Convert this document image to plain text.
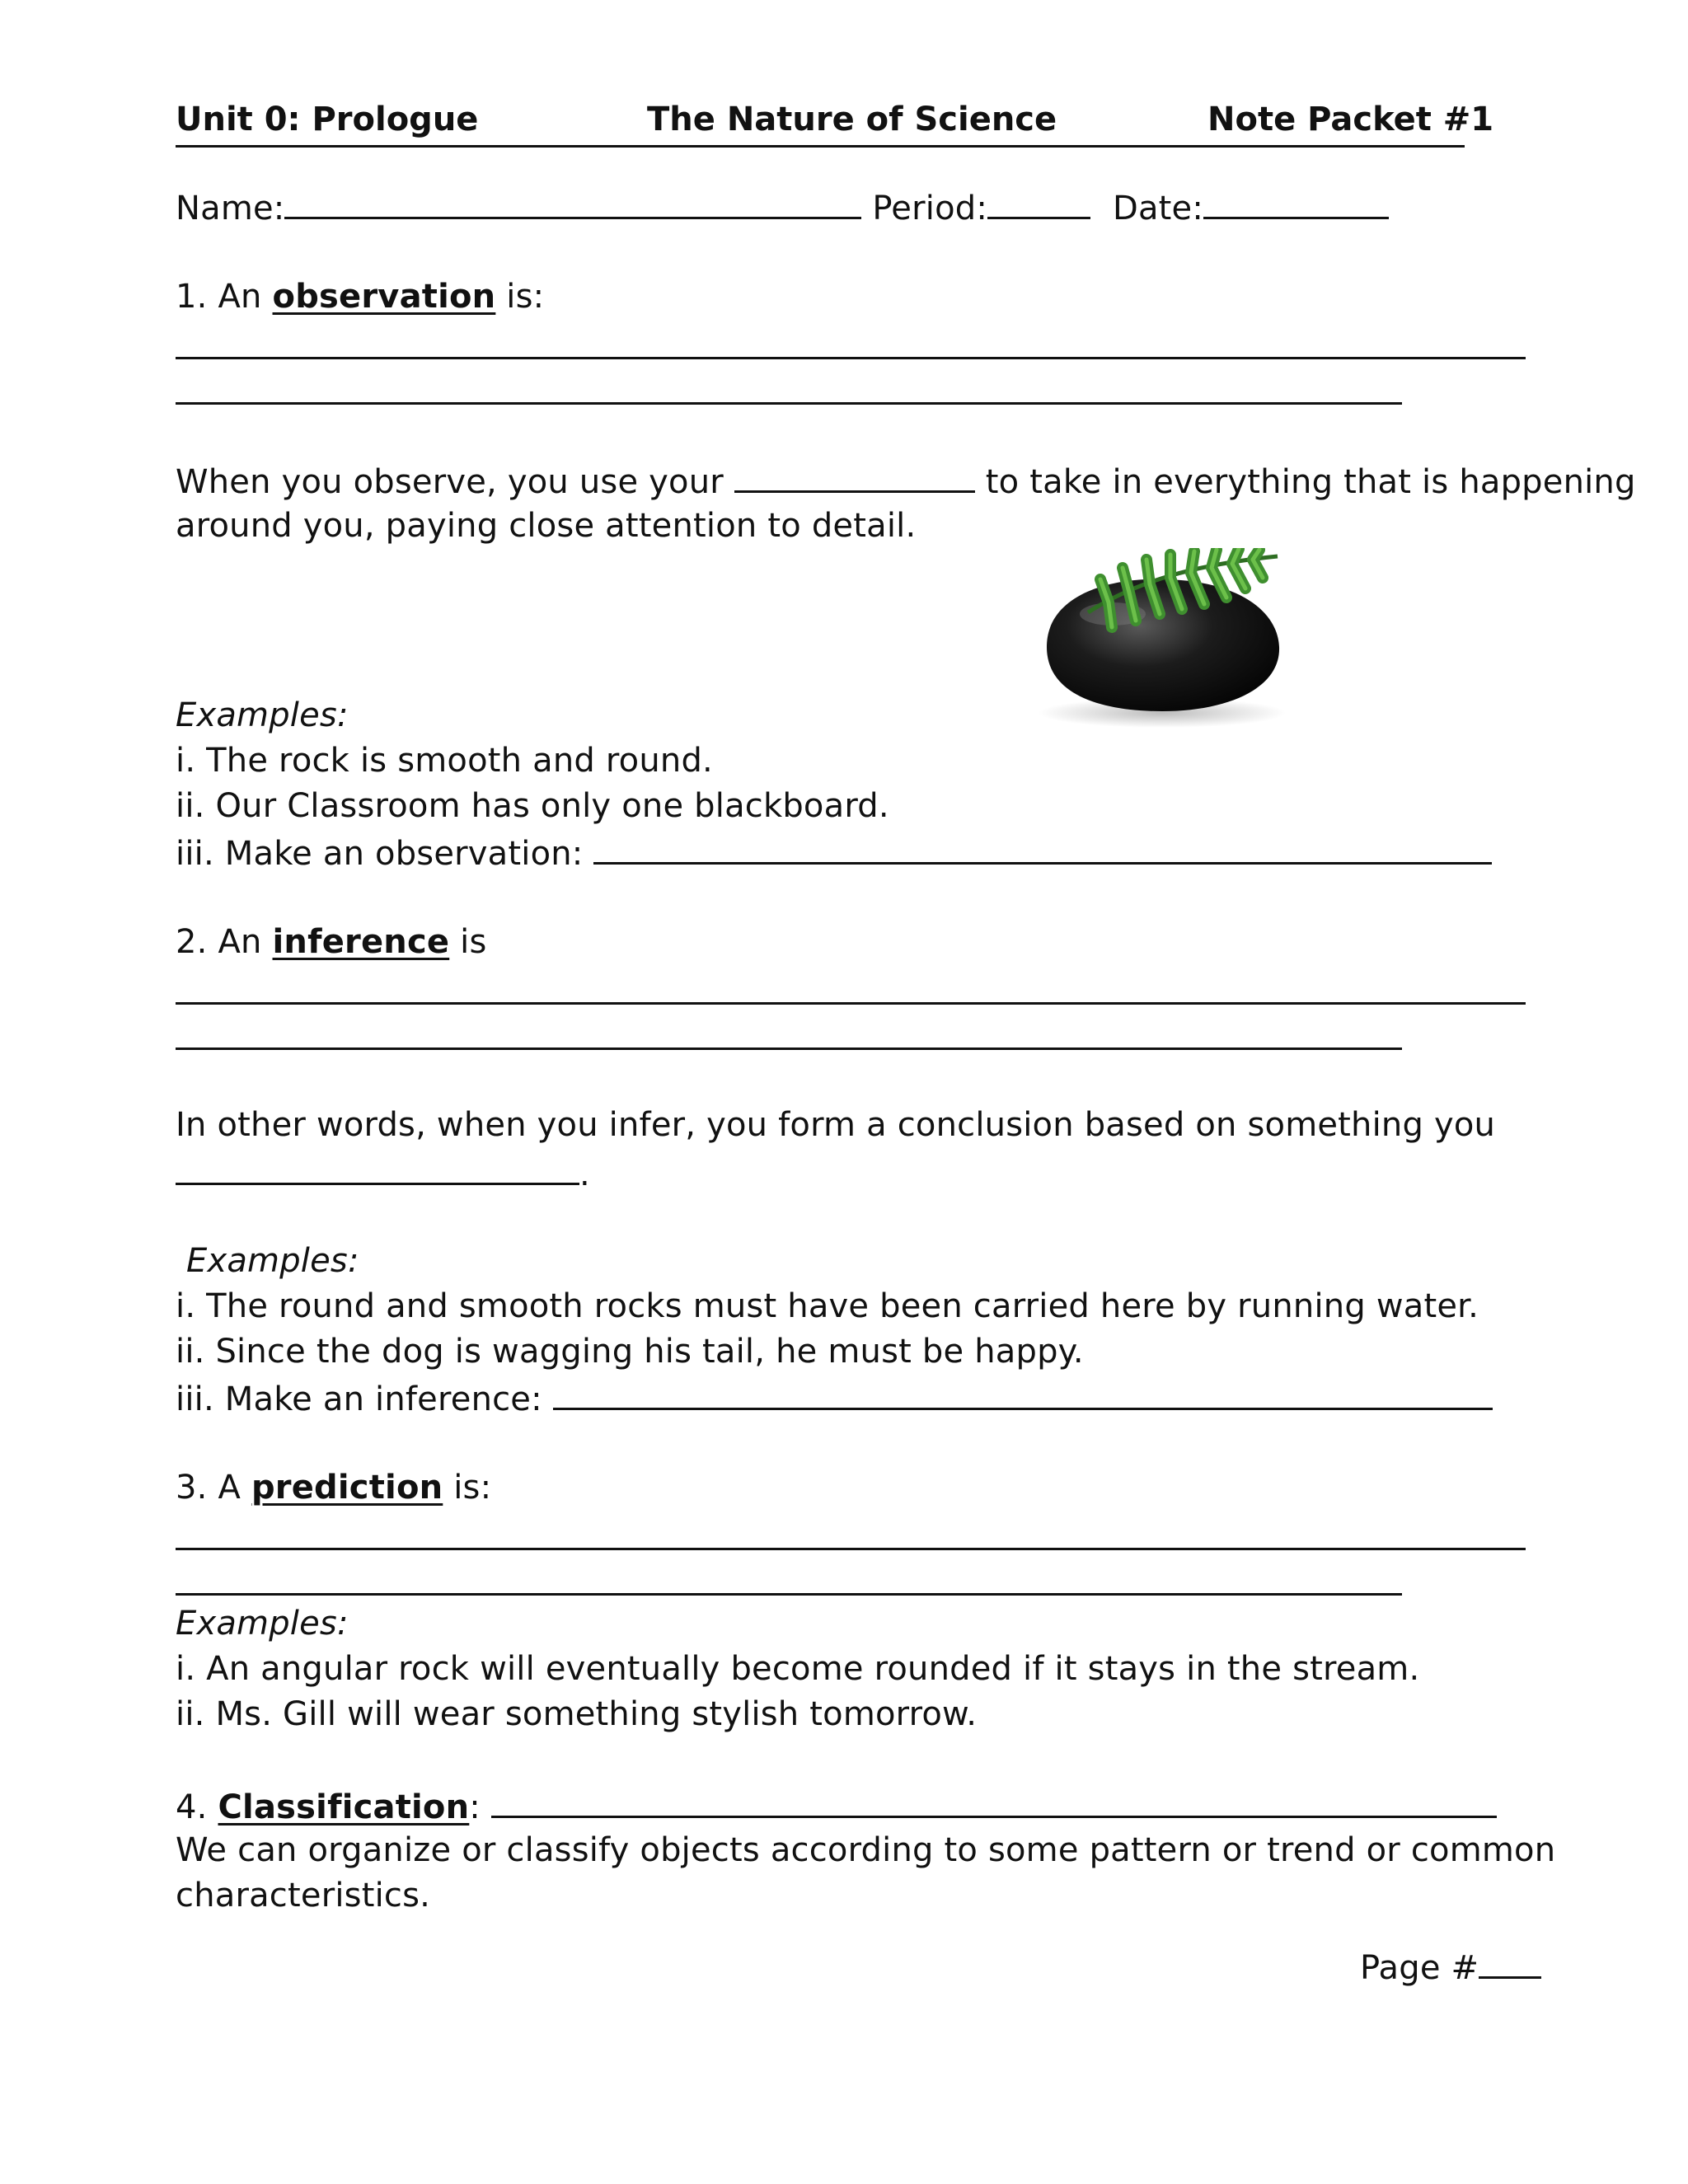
Unit 0: Prologue	The Nature of Science	Note Packet #1
Name:	Period:	Date:
1. An observation is:
When you observe, you use your	to take in everything that is happening
around you, paying close attention to detail.
Examples:
i. The rock is smooth and round.
ii. Our Classroom has only one blackboard.
iii. Make an observation:
2. An inference is
In other words, when you infer, you form a conclusion based on something you
.
Examples:
i. The round and smooth rocks must have been carried here by running water.
ii. Since the dog is wagging his tail, he must be happy.
iii. Make an inference:
3. A prediction is:
Examples:
i. An angular rock will eventually become rounded if it stays in the stream.
ii. Ms. Gill will wear something stylish tomorrow.
4. Classification:
We can organize or classify objects according to some pattern or trend or common
characteristics.
Page #
